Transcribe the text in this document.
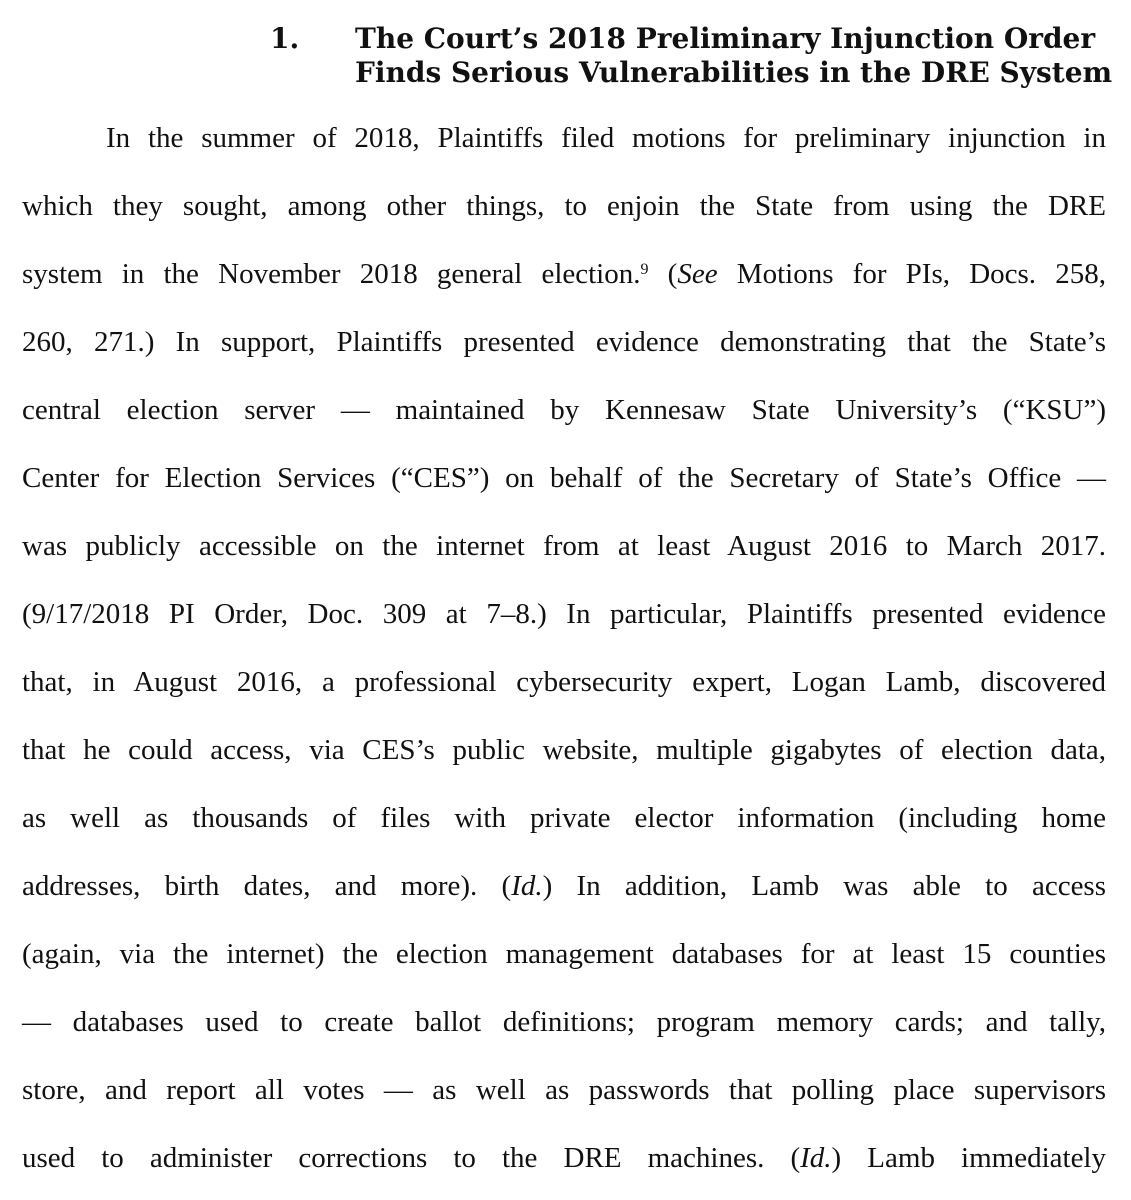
1. The Court’s 2018 Preliminary Injunction Order
Finds Serious Vulnerabilities in the DRE System
In the summer of 2018, Plaintiffs filed motions for preliminary injunction in
which they sought, among other things, to enjoin the State from using the DRE
system in the November 2018 general election.$^9$ (See Motions for PIs, Docs. 258,
260, 271.) In support, Plaintiffs presented evidence demonstrating that the State’s
central election server — maintained by Kennesaw State University’s (“KSU”)
Center for Election Services (“CES”) on behalf of the Secretary of State’s Office —
was publicly accessible on the internet from at least August 2016 to March 2017.
(9/17/2018 PI Order, Doc. 309 at 7–8.) In particular, Plaintiffs presented evidence
that, in August 2016, a professional cybersecurity expert, Logan Lamb, discovered
that he could access, via CES’s public website, multiple gigabytes of election data,
as well as thousands of files with private elector information (including home
addresses, birth dates, and more). (Id.) In addition, Lamb was able to access
(again, via the internet) the election management databases for at least 15 counties
— databases used to create ballot definitions; program memory cards; and tally,
store, and report all votes — as well as passwords that polling place supervisors
used to administer corrections to the DRE machines. (Id.) Lamb immediately
